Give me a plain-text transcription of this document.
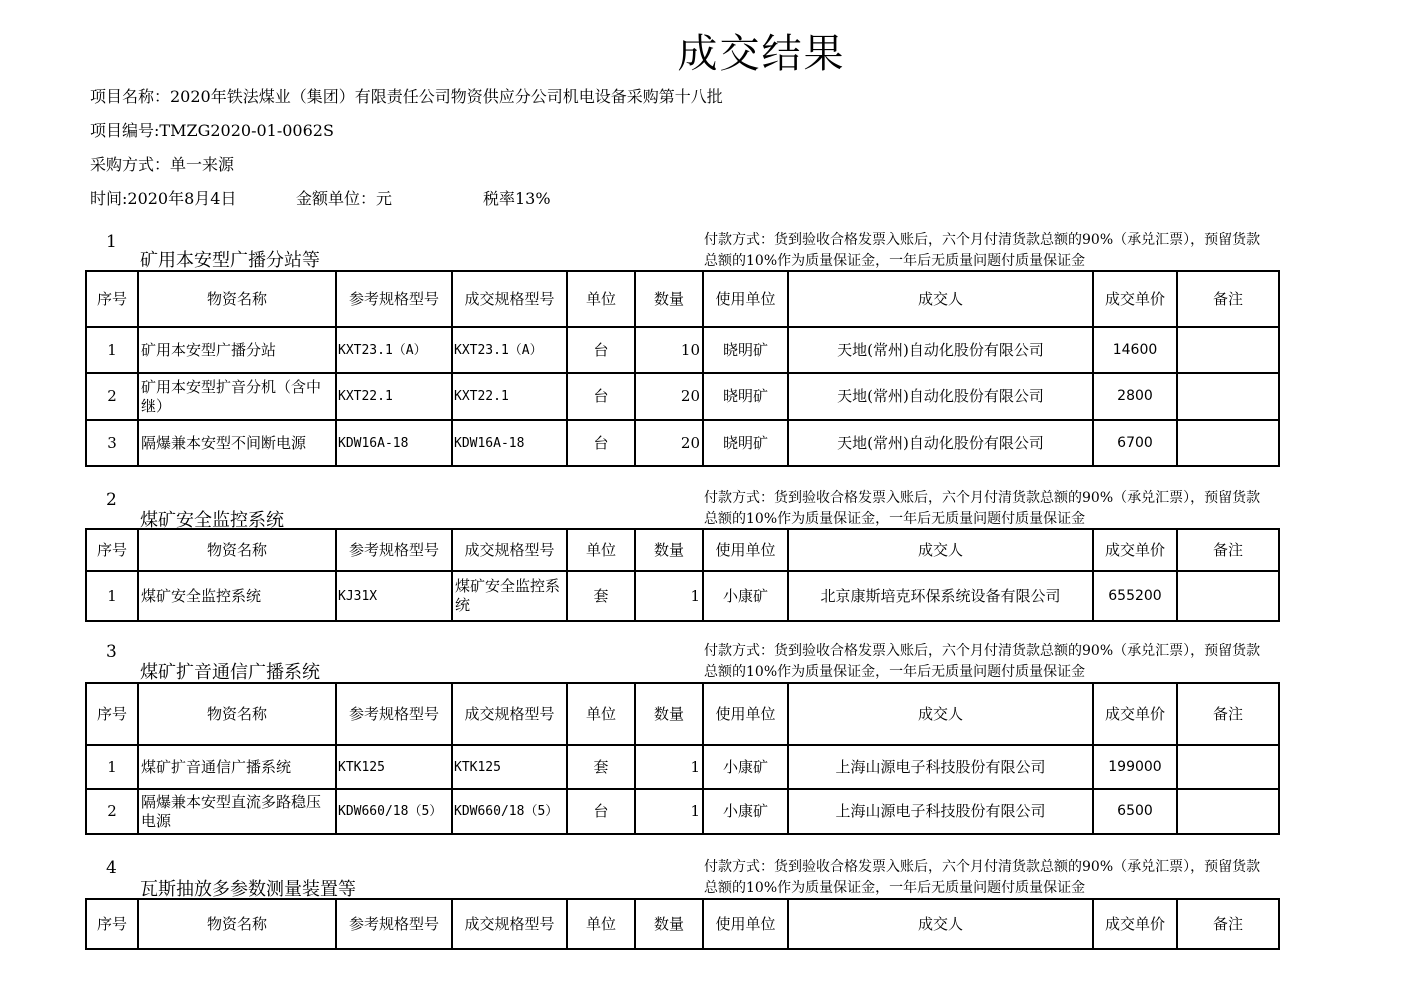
成交结果
项目名称：2020年铁法煤业（集团）有限责任公司物资供应分公司机电设备采购第十八批
项目编号:TMZG2020-01-0062S
采购方式：单一来源
时间:2020年8月4日	金额单位：元	税率13%
1
矿用本安型广播分站等
付款方式：货到验收合格发票入账后，六个月付清货款总额的90%（承兑汇票），预留货款总额的10%作为质量保证金，一年后无质量问题付质量保证金
序号	物资名称	参考规格型号	成交规格型号	单位	数量	使用单位	成交人	成交单价	备注
1	矿用本安型广播分站	KXT23.1（A）	KXT23.1（A）	台	10	晓明矿	天地(常州)自动化股份有限公司	14600	
2	矿用本安型扩音分机（含中继）	KXT22.1	KXT22.1	台	20	晓明矿	天地(常州)自动化股份有限公司	2800	
3	隔爆兼本安型不间断电源	KDW16A-18	KDW16A-18	台	20	晓明矿	天地(常州)自动化股份有限公司	6700	
2
煤矿安全监控系统
付款方式：货到验收合格发票入账后，六个月付清货款总额的90%（承兑汇票），预留货款总额的10%作为质量保证金，一年后无质量问题付质量保证金
序号	物资名称	参考规格型号	成交规格型号	单位	数量	使用单位	成交人	成交单价	备注
1	煤矿安全监控系统	KJ31X	煤矿安全监控系统	套	1	小康矿	北京康斯培克环保系统设备有限公司	655200	
3
煤矿扩音通信广播系统
付款方式：货到验收合格发票入账后，六个月付清货款总额的90%（承兑汇票），预留货款总额的10%作为质量保证金，一年后无质量问题付质量保证金
序号	物资名称	参考规格型号	成交规格型号	单位	数量	使用单位	成交人	成交单价	备注
1	煤矿扩音通信广播系统	KTK125	KTK125	套	1	小康矿	上海山源电子科技股份有限公司	199000	
2	隔爆兼本安型直流多路稳压电源	KDW660/18（5）	KDW660/18（5）	台	1	小康矿	上海山源电子科技股份有限公司	6500	
4
瓦斯抽放多参数测量装置等
付款方式：货到验收合格发票入账后，六个月付清货款总额的90%（承兑汇票），预留货款总额的10%作为质量保证金，一年后无质量问题付质量保证金
序号	物资名称	参考规格型号	成交规格型号	单位	数量	使用单位	成交人	成交单价	备注
